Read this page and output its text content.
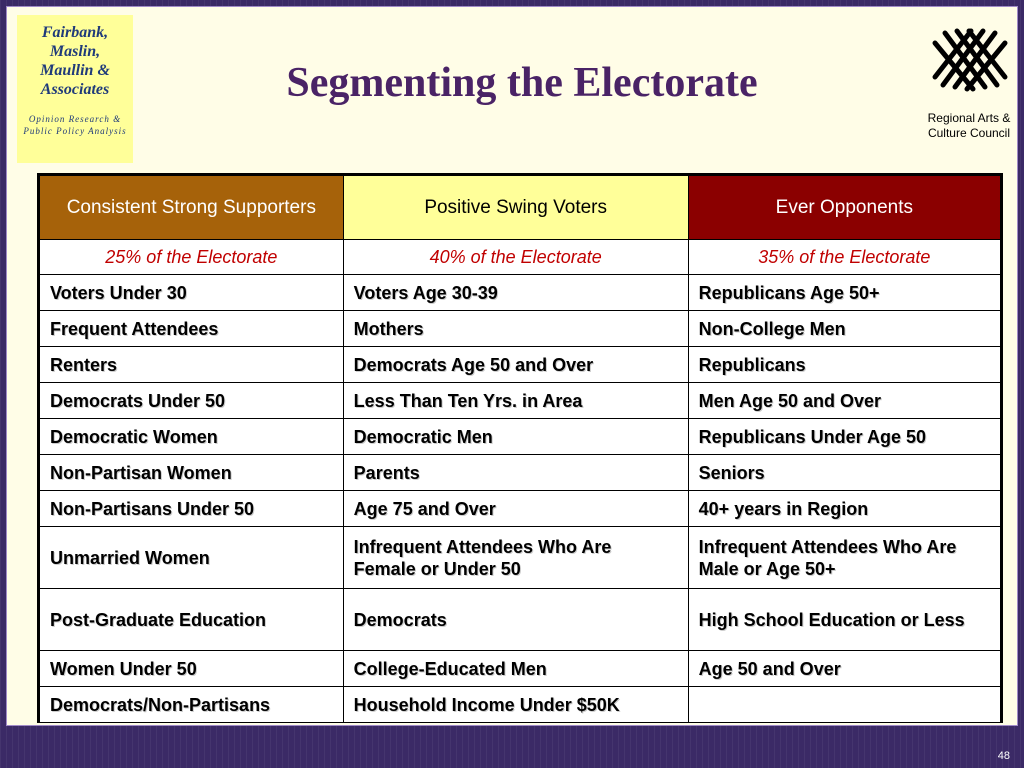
Fairbank,
Maslin,
Maullin &
Associates
Opinion Research &
Public Policy Analysis
Segmenting the Electorate
Regional Arts &
Culture Council
Consistent Strong Supporters	Positive Swing Voters	Ever Opponents
25% of the Electorate	40% of the Electorate	35% of the Electorate
Voters Under 30	Voters Age 30-39	Republicans Age 50+
Frequent Attendees	Mothers	Non-College Men
Renters	Democrats Age 50 and Over	Republicans
Democrats Under 50	Less Than Ten Yrs. in Area	Men Age 50 and Over
Democratic Women	Democratic Men	Republicans Under Age 50
Non-Partisan Women	Parents	Seniors
Non-Partisans Under 50	Age 75 and Over	40+ years in Region
Unmarried Women	Infrequent Attendees Who Are Female or Under 50	Infrequent Attendees Who Are Male or Age 50+
Post-Graduate Education	Democrats	High School Education or Less
Women Under 50	College-Educated Men	Age 50 and Over
Democrats/Non-Partisans	Household Income Under $50K	
48
